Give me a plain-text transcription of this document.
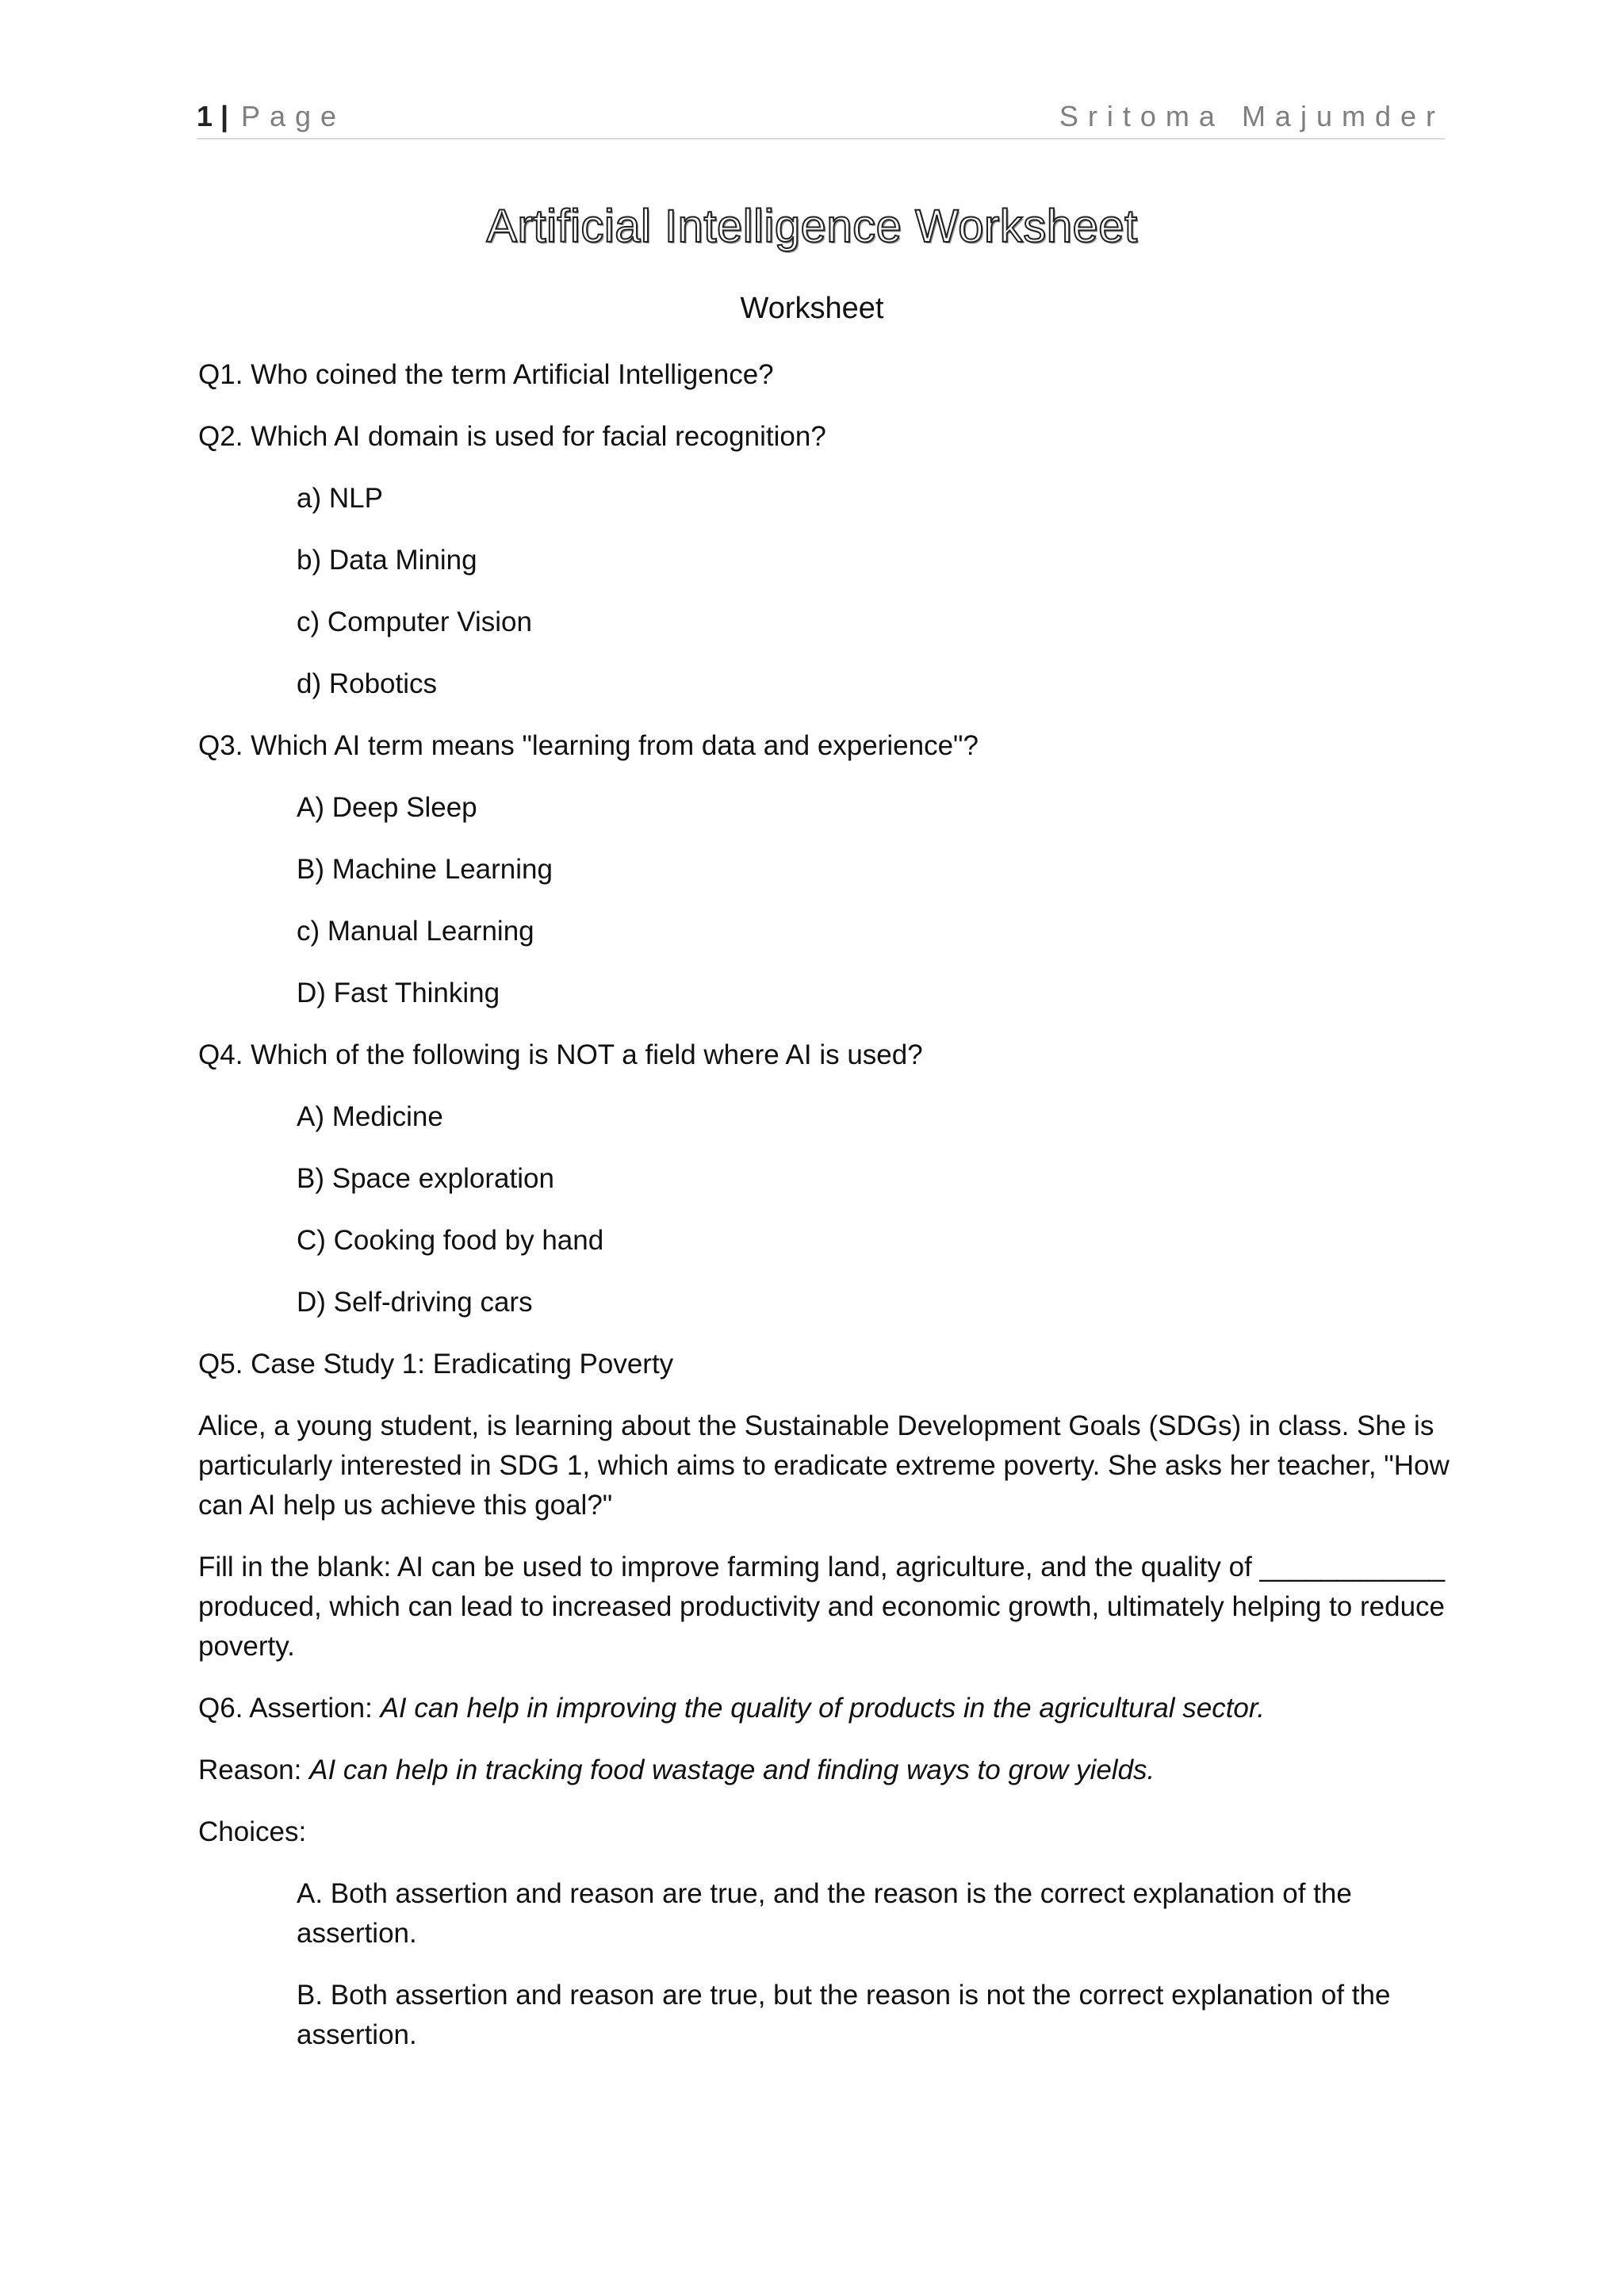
1 | Page	Sritoma Majumder
Artificial Intelligence Worksheet
Worksheet
Q1. Who coined the term Artificial Intelligence?
Q2. Which AI domain is used for facial recognition?
a) NLP
b) Data Mining
c) Computer Vision
d) Robotics
Q3. Which AI term means "learning from data and experience"?
A) Deep Sleep
B) Machine Learning
c) Manual Learning
D) Fast Thinking
Q4. Which of the following is NOT a field where AI is used?
A) Medicine
B) Space exploration
C) Cooking food by hand
D) Self-driving cars
Q5. Case Study 1: Eradicating Poverty
Alice, a young student, is learning about the Sustainable Development Goals (SDGs) in class. She is particularly interested in SDG 1, which aims to eradicate extreme poverty. She asks her teacher, "How can AI help us achieve this goal?"
Fill in the blank: AI can be used to improve farming land, agriculture, and the quality of ____________ produced, which can lead to increased productivity and economic growth, ultimately helping to reduce poverty.
Q6. Assertion: AI can help in improving the quality of products in the agricultural sector.
Reason: AI can help in tracking food wastage and finding ways to grow yields.
Choices:
A. Both assertion and reason are true, and the reason is the correct explanation of the assertion.
B. Both assertion and reason are true, but the reason is not the correct explanation of the assertion.
